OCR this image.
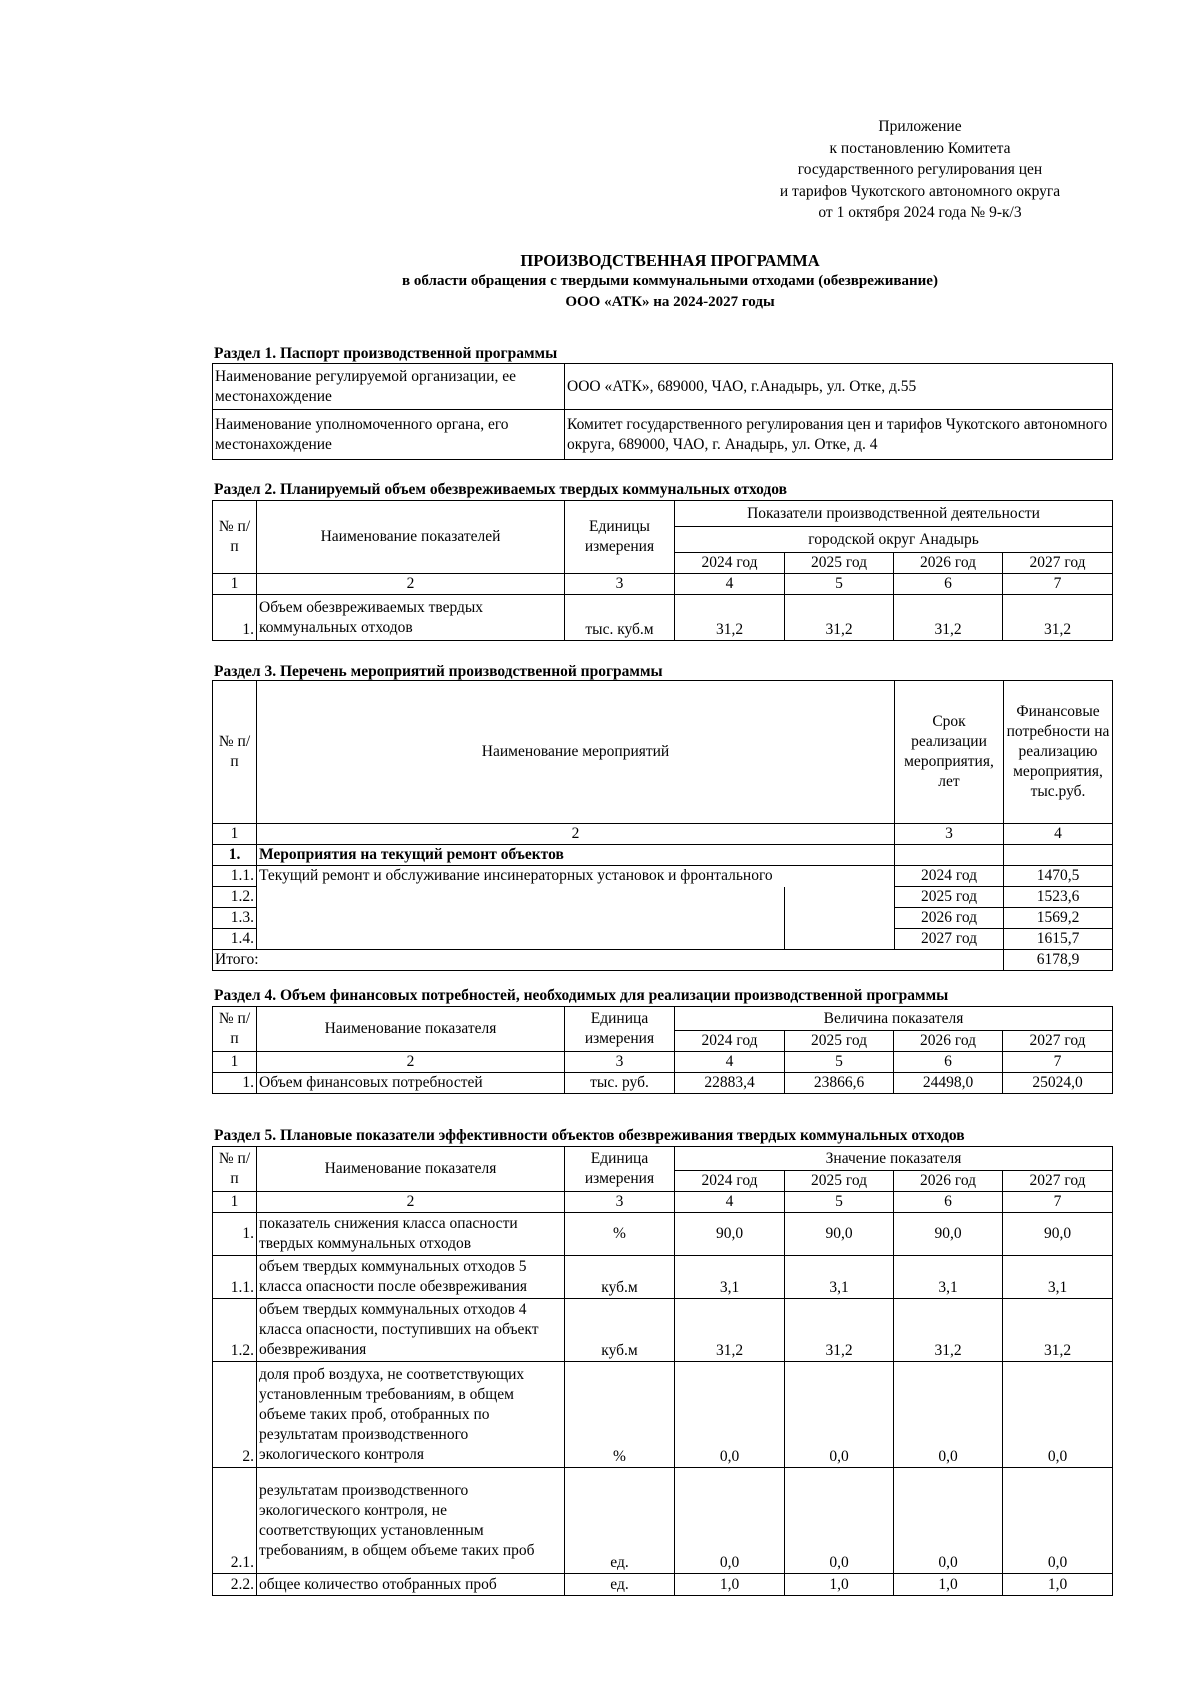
Приложение
к постановлению Комитета
государственного регулирования цен
и тарифов Чукотского автономного округа
от 1 октября 2024 года № 9-к/3
ПРОИЗВОДСТВЕННАЯ ПРОГРАММА
в области обращения с твердыми коммунальными отходами (обезвреживание)
ООО «АТК» на 2024-2027 годы
Раздел 1. Паспорт производственной программы
Наименование регулируемой организации, ее местонахождение	ООО «АТК», 689000, ЧАО, г.Анадырь, ул. Отке, д.55
Наименование уполномоченного органа, его местонахождение	Комитет государственного регулирования цен и тарифов Чукотского автономного округа, 689000, ЧАО, г. Анадырь, ул. Отке, д. 4
Раздел 2. Планируемый объем обезвреживаемых твердых коммунальных отходов
№ п/п	Наименование показателей	Единицы измерения	Показатели производственной деятельности			
			городской округ Анадырь			
			2024 год	2025 год	2026 год	2027 год
1	2	3	4	5	6	7
1.	Объем обезвреживаемых твердых коммунальных отходов	тыс. куб.м	31,2	31,2	31,2	31,2
Раздел 3. Перечень мероприятий производственной программы
№ п/п	Наименование мероприятий		Срок реализации мероприятия, лет	Финансовые потребности на реализацию мероприятия, тыс.руб.
1	2		3	4
1.	Мероприятия на текущий ремонт объектов			
1.1.	Текущий ремонт и обслуживание инсинераторных установок и фронтального		2024 год	1470,5
1.2.			2025 год	1523,6
1.3.			2026 год	1569,2
1.4.			2027 год	1615,7
Итого:				6178,9
Раздел 4. Объем финансовых потребностей, необходимых для реализации производственной программы
№ п/п	Наименование показателя	Единица измерения	Величина показателя			
			2024 год	2025 год	2026 год	2027 год
1	2	3	4	5	6	7
1.	Объем финансовых потребностей	тыс. руб.	22883,4	23866,6	24498,0	25024,0
Раздел 5. Плановые показатели эффективности объектов обезвреживания твердых коммунальных отходов
№ п/п	Наименование показателя	Единица измерения	Значение показателя			
			2024 год	2025 год	2026 год	2027 год
1	2	3	4	5	6	7
1.	показатель снижения класса опасности твердых коммунальных отходов	%	90,0	90,0	90,0	90,0
1.1.	объем твердых коммунальных отходов 5 класса опасности после обезвреживания	куб.м	3,1	3,1	3,1	3,1
1.2.	объем твердых коммунальных отходов 4 класса опасности, поступивших на объект обезвреживания	куб.м	31,2	31,2	31,2	31,2
2.	доля проб воздуха, не соответствующих установленным требованиям, в общем объеме таких проб, отобранных по результатам производственного экологического контроля	%	0,0	0,0	0,0	0,0
2.1.	результатам производственного экологического контроля, не соответствующих установленным требованиям, в общем объеме таких проб	ед.	0,0	0,0	0,0	0,0
2.2.	общее количество отобранных проб	ед.	1,0	1,0	1,0	1,0
